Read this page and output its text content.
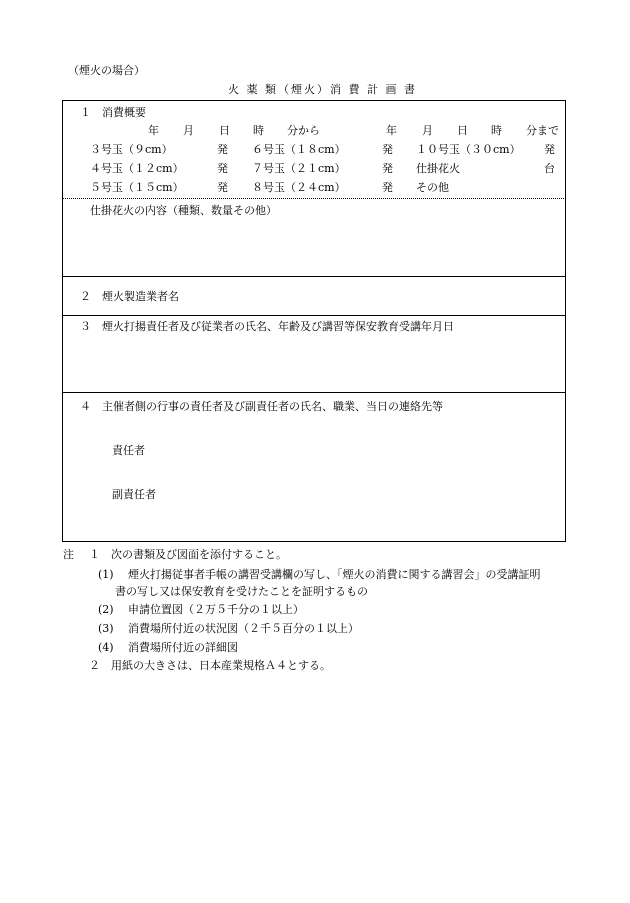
（煙火の場合）
火 薬 類（煙火）消 費 計 画 書
１　消費概要
年 月 日 時 分から	年 月 日 時 分まで
３号玉（９cm）	発 ６号玉（１８cm）	発 １０号玉（３０cm） 発
４号玉（１２cm）	発 ７号玉（２１cm）	発 仕掛花火	台
５号玉（１５cm）	発 ８号玉（２４cm）	発 その他
仕掛花火の内容（種類、数量その他）
２　煙火製造業者名
３　煙火打揚責任者及び従業者の氏名、年齢及び講習等保安教育受講年月日
４　主催者側の行事の責任者及び副責任者の氏名、職業、当日の連絡先等
責任者
副責任者
注 １　次の書類及び図面を添付すること。
(1) 煙火打揚従事者手帳の講習受講欄の写し、「煙火の消費に関する講習会」の受講証明
書の写し又は保安教育を受けたことを証明するもの
(2) 申請位置図（２万５千分の１以上）
(3) 消費場所付近の状況図（２千５百分の１以上）
(4) 消費場所付近の詳細図
２　用紙の大きさは、日本産業規格Ａ４とする。
